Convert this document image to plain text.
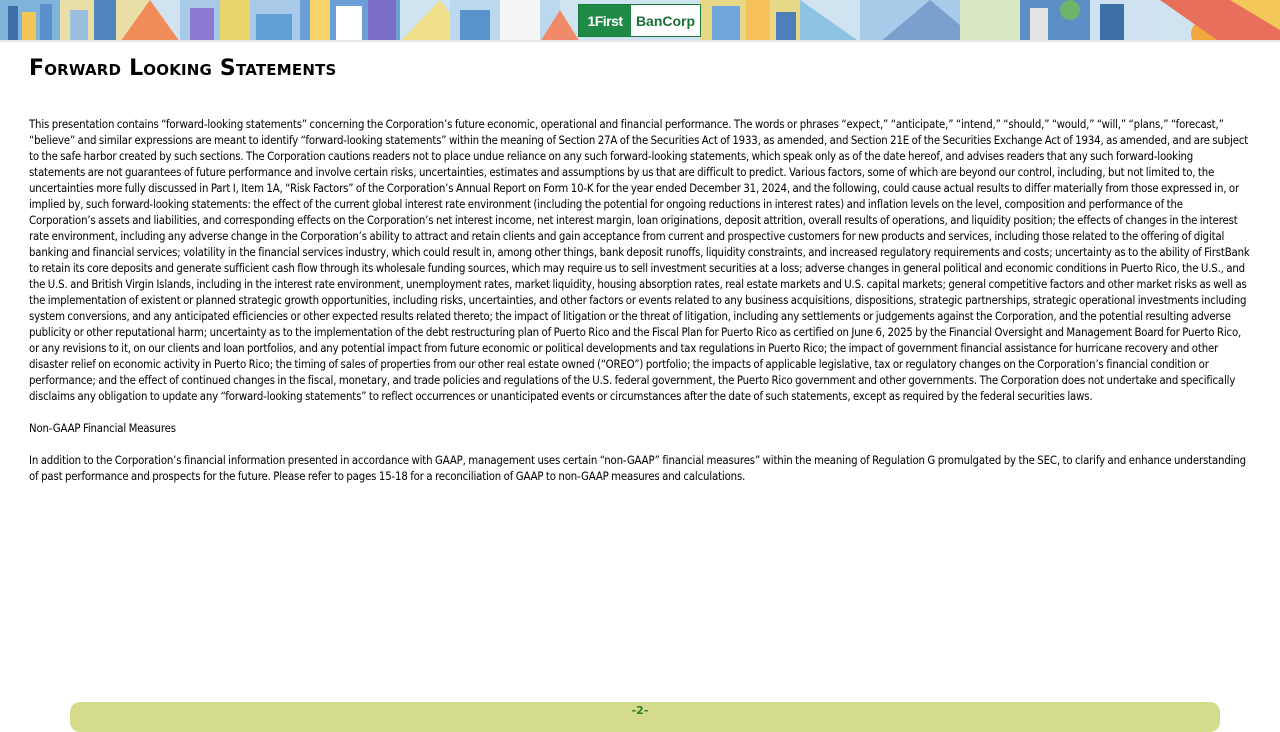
1First BanCorp
Forward Looking Statements

This presentation contains “forward-looking statements” concerning the Corporation’s future economic, operational and financial performance. The words or phrases “expect,” “anticipate,” “intend,” “should,” “would,” “will,” “plans,” “forecast,” “believe” and similar expressions are meant to identify “forward-looking statements” within the meaning of Section 27A of the Securities Act of 1933, as amended, and Section 21E of the Securities Exchange Act of 1934, as amended, and are subject to the safe harbor created by such sections. The Corporation cautions readers not to place undue reliance on any such forward-looking statements, which speak only as of the date hereof, and advises readers that any such forward-looking statements are not guarantees of future performance and involve certain risks, uncertainties, estimates and assumptions by us that are difficult to predict. Various factors, some of which are beyond our control, including, but not limited to, the uncertainties more fully discussed in Part I, Item 1A, “Risk Factors” of the Corporation’s Annual Report on Form 10-K for the year ended December 31, 2024, and the following, could cause actual results to differ materially from those expressed in, or implied by, such forward-looking statements: the effect of the current global interest rate environment (including the potential for ongoing reductions in interest rates) and inflation levels on the level, composition and performance of the Corporation’s assets and liabilities, and corresponding effects on the Corporation’s net interest income, net interest margin, loan originations, deposit attrition, overall results of operations, and liquidity position; the effects of changes in the interest rate environment, including any adverse change in the Corporation’s ability to attract and retain clients and gain acceptance from current and prospective customers for new products and services, including those related to the offering of digital banking and financial services; volatility in the financial services industry, which could result in, among other things, bank deposit runoffs, liquidity constraints, and increased regulatory requirements and costs; uncertainty as to the ability of FirstBank to retain its core deposits and generate sufficient cash flow through its wholesale funding sources, which may require us to sell investment securities at a loss; adverse changes in general political and economic conditions in Puerto Rico, the U.S., and the U.S. and British Virgin Islands, including in the interest rate environment, unemployment rates, market liquidity, housing absorption rates, real estate markets and U.S. capital markets; general competitive factors and other market risks as well as the implementation of existent or planned strategic growth opportunities, including risks, uncertainties, and other factors or events related to any business acquisitions, dispositions, strategic partnerships, strategic operational investments including system conversions, and any anticipated efficiencies or other expected results related thereto; the impact of litigation or the threat of litigation, including any settlements or judgements against the Corporation, and the potential resulting adverse publicity or other reputational harm; uncertainty as to the implementation of the debt restructuring plan of Puerto Rico and the Fiscal Plan for Puerto Rico as certified on June 6, 2025 by the Financial Oversight and Management Board for Puerto Rico, or any revisions to it, on our clients and loan portfolios, and any potential impact from future economic or political developments and tax regulations in Puerto Rico; the impact of government financial assistance for hurricane recovery and other disaster relief on economic activity in Puerto Rico; the timing of sales of properties from our other real estate owned (“OREO”) portfolio; the impacts of applicable legislative, tax or regulatory changes on the Corporation’s financial condition or performance; and the effect of continued changes in the fiscal, monetary, and trade policies and regulations of the U.S. federal government, the Puerto Rico government and other governments. The Corporation does not undertake and specifically disclaims any obligation to update any “forward-looking statements” to reflect occurrences or unanticipated events or circumstances after the date of such statements, except as required by the federal securities laws.

Non-GAAP Financial Measures

In addition to the Corporation’s financial information presented in accordance with GAAP, management uses certain “non-GAAP” financial measures” within the meaning of Regulation G promulgated by the SEC, to clarify and enhance understanding of past performance and prospects for the future. Please refer to pages 15-18 for a reconciliation of GAAP to non-GAAP measures and calculations.

-2-
